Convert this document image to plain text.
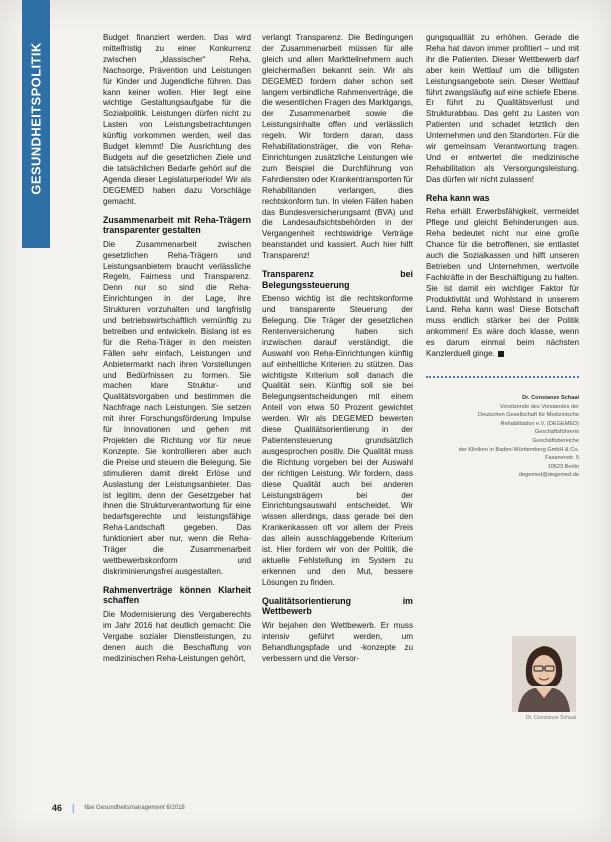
GESUNDHEITSPOLITIK

Budget finanziert werden. Das wird mittelfristig zu einer Konkurrenz zwischen „klassischer“ Reha, Nachsorge, Prävention und Leistungen für Kinder und Jugendliche führen. Das kann keiner wollen. Hier liegt eine wichtige Gestaltungsaufgabe für die Sozialpolitik. Leistungen dürfen nicht zu Lasten von Leistungsbetrachtungen künftig vorkommen werden, weil das Budget klemmt! Die Ausrichtung des Budgets auf die gesetzlichen Ziele und die tatsächlichen Bedarfe gehört auf die Agenda dieser Legislaturperiode! Wir als DEGEMED haben dazu Vorschläge gemacht.

Zusammenarbeit mit Reha-Trägern transparenter gestalten

Die Zusammenarbeit zwischen gesetzlichen Reha-Trägern und Leistungsanbietern braucht verlässliche Regeln, Fairness und Transparenz. Denn nur so sind die Reha-Einrichtungen in der Lage, ihre Strukturen vorzuhalten und langfristig und betriebswirtschaftlich vernünftig zu betreiben und entwickeln. Bislang ist es für die Reha-Träger in den meisten Fällen sehr einfach, Leistungen und Anbietermarkt nach ihren Vorstellungen und Bedürfnissen zu formen. Sie machen klare Struktur- und Qualitätsvorgaben und bestimmen die Nachfrage nach Leistungen. Sie setzen mit ihrer Forschungsförderung Impulse für Innovationen und gehen mit Projekten die Richtung vor für neue Konzepte. Sie kontrollieren aber auch die Preise und steuern die Belegung. Sie stimulieren damit direkt Erlöse und Auslastung der Leistungsanbieter. Das ist legitim, denn der Gesetzgeber hat ihnen die Strukturverantwortung für eine bedarfsgerechte und leistungsfähige Reha-Landschaft gegeben. Das funktioniert aber nur, wenn die Reha-Träger die Zusammenarbeit wettbewerbskonform und diskriminierungsfrei ausgestalten.

Rahmenverträge können Klarheit schaffen

Die Modernisierung des Vergaberechts im Jahr 2016 hat deutlich gemacht: Die Vergabe sozialer Dienstleistungen, zu denen auch die Beschaffung von medizinischen Reha-Leistungen gehört,

verlangt Transparenz. Die Bedingungen der Zusammenarbeit müssen für alle gleich und allen Marktteilnehmern auch gleichermaßen bekannt sein. Wir als DEGEMED fordern daher schon seit langem verbindliche Rahmenverträge, die die wesentlichen Fragen des Marktgangs, der Zusammenarbeit sowie die Leistungsinhalte offen und verlässlich regeln. Wir fordern daran, dass Rehabilitationsträger, die von Reha-Einrichtungen zusätzliche Leistungen wie zum Beispiel die Durchführung von Fahrdiensten oder Krankentransporten für Rehabilitanden verlangen, dies rechtskonform tun. In vielen Fällen haben das Bundesversicherungsamt (BVA) und die Landesaufsichtsbehörden in der Vergangenheit rechtswidrige Verträge beanstandet und kassiert. Auch hier hilft Transparenz!

Transparenz bei Belegungssteuerung

Ebenso wichtig ist die rechtskonforme und transparente Steuerung der Belegung. Die Träger der gesetzlichen Rentenversicherung haben sich inzwischen darauf verständigt, die Auswahl von Reha-Einrichtungen künftig auf einheitliche Kriterien zu stützen. Das wichtigste Kriterium soll danach die Qualität sein. Künftig soll sie bei Belegungsentscheidungen mit einem Anteil von etwa 50 Prozent gewichtet werden. Wir als DEGEMED bewerten diese Qualitätsorientierung in der Patientensteuerung grundsätzlich ausgesprochen positiv. Die Qualität muss die Richtung vorgeben bei der Auswahl der richtigen Leistung. Wir fordern, dass diese Qualität auch bei anderen Leistungsträgern bei der Einrichtungsauswahl entscheidet. Wir wissen allerdings, dass gerade bei den Krankenkassen oft vor allem der Preis das allein ausschlaggebende Kriterium ist. Hier fordern wir von der Politik, die aktuelle Fehlstellung im System zu erkennen und den Mut, bessere Lösungen zu finden.

Qualitätsorientierung im Wettbewerb

Wir bejahen den Wettbewerb. Er muss intensiv geführt werden, um Behandlungspfade und -konzepte zu verbessern und die Versor-

gungsqualität zu erhöhen. Gerade die Reha hat davon immer profitiert – und mit ihr die Patienten. Dieser Wettbewerb darf aber kein Wettlauf um die billigsten Leistungsangebote sein. Dieser Wettlauf führt zwangsläufig auf eine schiefe Ebene. Er führt zu Qualitätsverlust und Strukturabbau. Das geht zu Lasten von Patienten und schadet letztlich den Unternehmen und den Standorten. Für die wir gemeinsam Verantwortung tragen. Und er entwertet die medizinische Rehabilitation als Versorgungsleistung. Das dürfen wir nicht zulassen!

Reha kann was

Reha erhält Erwerbsfähigkeit, vermeidet Pflege und gleicht Behinderungen aus. Reha bedeutet nicht nur eine große Chance für die betroffenen, sie entlastet auch die Sozialkassen und hilft unseren Betrieben und Unternehmen, wertvolle Fachkräfte in der Beschäftigung zu halten. Sie ist damit ein wichtiger Faktor für Produktivität und Wohlstand in unserem Land. Reha kann was! Diese Botschaft muss endlich stärker bei der Politik ankommen! Es wäre doch klasse, wenn es darum einmal beim nächsten Kanzlerduell ginge.

Dr. Constanze Schaal
Vorsitzende des Vorstandes der
Deutschen Gesellschaft für Medizinische
Rehabilitation e.V. (DEGEMED)
Geschäftsführerin
Geschäftsbereiche
der Kliniken in Baden-Württemberg GmbH & Co.
Fasanenstr. 5
10623 Berlin
degemed@degemed.de
Dr. Constanze Schaal
46 | f&w Gesundheitsmanagement 6/2018
